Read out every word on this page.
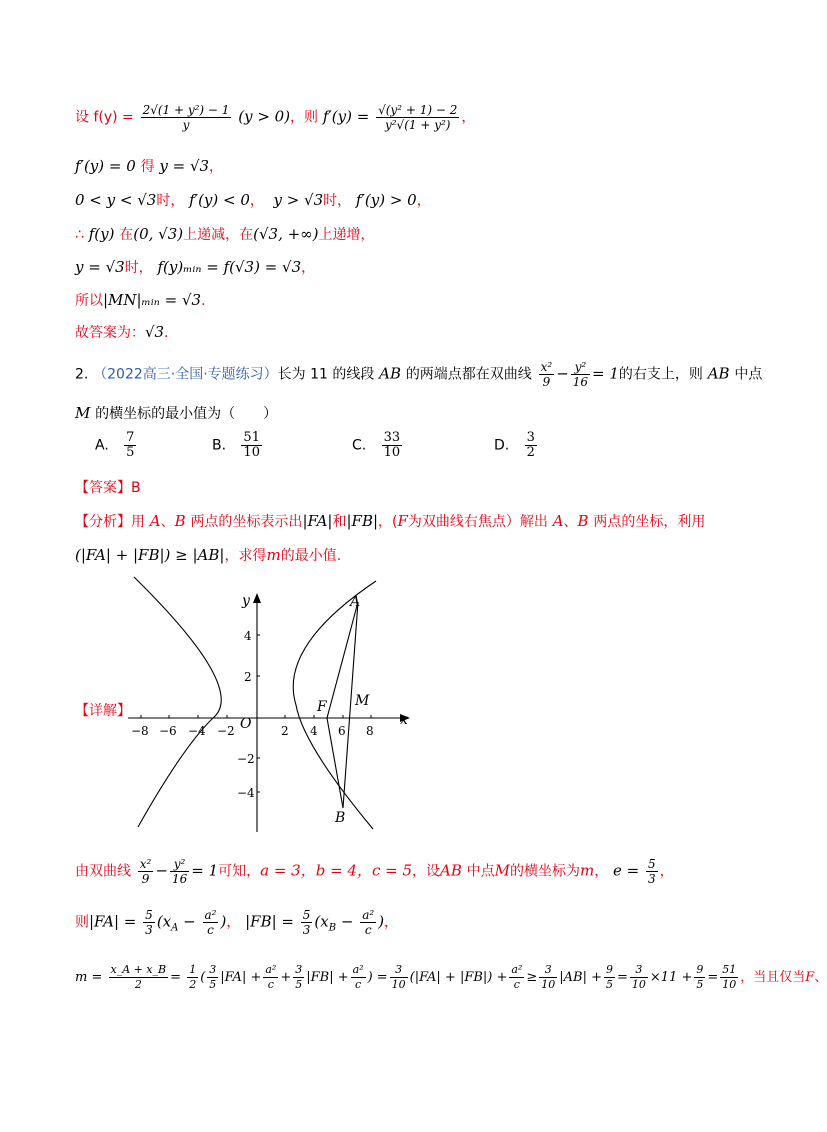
设 $f(y) = \frac{\text{2√(1 + y²) − 1}}{y} (y > 0)$，则 $f'(y) = \frac{\text{√(y² + 1) − 2}}{\text{y²√(1 + y²)}}$ ，
f′(y) = 0 得 y = √3，
0 < y < √3时， f′(y) < 0， y > √3时， f′(y) > 0，
∴ f(y) 在(0, √3)上递减，在(√3, +∞)上递增，
y = √3时， f(y)ₘᵢₙ = f(√3) = √3，
所以|MN|ₘᵢₙ = √3．
故答案为：√3．
2. （2022高三·全国·专题练习）长为 11 的线段 AB 的两端点都在双曲线 $\frac{\text{x²}}{9} - \frac{\text{y²}}{16} = 1$的右支上，则 AB 中点
M 的横坐标的最小值为（　　）
A. $\frac{7}{5}$	B. $\frac{51}{10}$	C. $\frac{33}{10}$	D. $\frac{3}{2}$
【答案】B
【分析】用 A、B 两点的坐标表示出|FA|和|FB|，(F为双曲线右焦点）解出 A、B 两点的坐标，利用
(|FA| + |FB|) ≥ |AB|，求得m的最小值.
【详解】
−8 −6 −4 −2	2 4 6 8
4
2
−2
−4
x
y
O
A
B
F M
由双曲线 $\frac{\text{x²}}{9} - \frac{\text{y²}}{16} = 1$可知，a = 3，b = 4，c = 5，设AB 中点M的横坐标为m， $e = \frac{5}{3}$ ，
则$|FA| = \frac{5}{3} (x_A - \frac{\text{a²}}{c}$ )， $|FB| = \frac{5}{3} (x_B - \frac{\text{a²}}{c}$ )，
$m = \frac{x\_A + x\_B}{2} = \frac{1}{2}$ ( $\frac{3}{5} |FA| + \frac{\text{a²}}{c} + \frac{3}{5} |FB| + \frac{\text{a²}}{c}$ ) = $\frac{3}{10} (|FA| + |FB|) + \frac{\text{a²}}{c} \ge \frac{3}{10} |AB| + \frac{9}{5} = \frac{3}{10} \times 11 + \frac{9}{5} = \frac{51}{10}$ ，当且仅当F、
